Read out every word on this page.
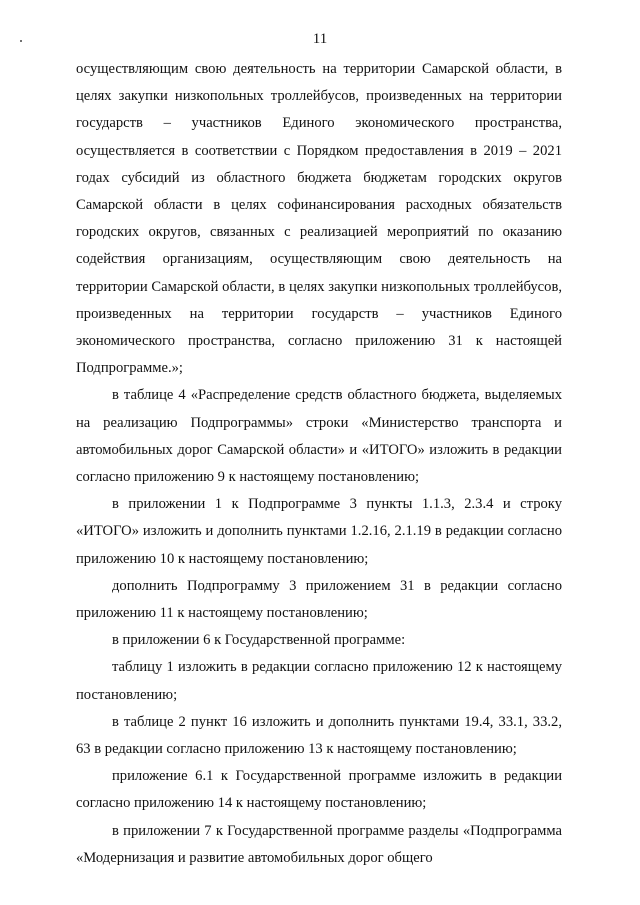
11

осуществляющим свою деятельность на территории Самарской области, в целях закупки низкопольных троллейбусов, произведенных на территории государств – участников Единого экономического пространства, осуществляется в соответствии с Порядком предоставления в 2019 – 2021 годах субсидий из областного бюджета бюджетам городских округов Самарской области в целях софинансирования расходных обязательств городских округов, связанных с реализацией мероприятий по оказанию содействия организациям, осуществляющим свою деятельность на территории Самарской области, в целях закупки низкопольных троллейбусов, произведенных на территории государств – участников Единого экономического пространства, согласно приложению 31 к настоящей Подпрограмме.»;

в таблице 4 «Распределение средств областного бюджета, выделяемых на реализацию Подпрограммы» строки «Министерство транспорта и автомобильных дорог Самарской области» и «ИТОГО» изложить в редакции согласно приложению 9 к настоящему постановлению;

в приложении 1 к Подпрограмме 3 пункты 1.1.3, 2.3.4 и строку «ИТОГО» изложить и дополнить пунктами 1.2.16, 2.1.19 в редакции согласно приложению 10 к настоящему постановлению;

дополнить Подпрограмму 3 приложением 31 в редакции согласно приложению 11 к настоящему постановлению;

в приложении 6 к Государственной программе:

таблицу 1 изложить в редакции согласно приложению 12 к настоящему постановлению;

в таблице 2 пункт 16 изложить и дополнить пунктами 19.4, 33.1, 33.2, 63 в редакции согласно приложению 13 к настоящему постановлению;

приложение 6.1 к Государственной программе изложить в редакции согласно приложению 14 к настоящему постановлению;

в приложении 7 к Государственной программе разделы «Подпрограмма «Модернизация и развитие автомобильных дорог общего
